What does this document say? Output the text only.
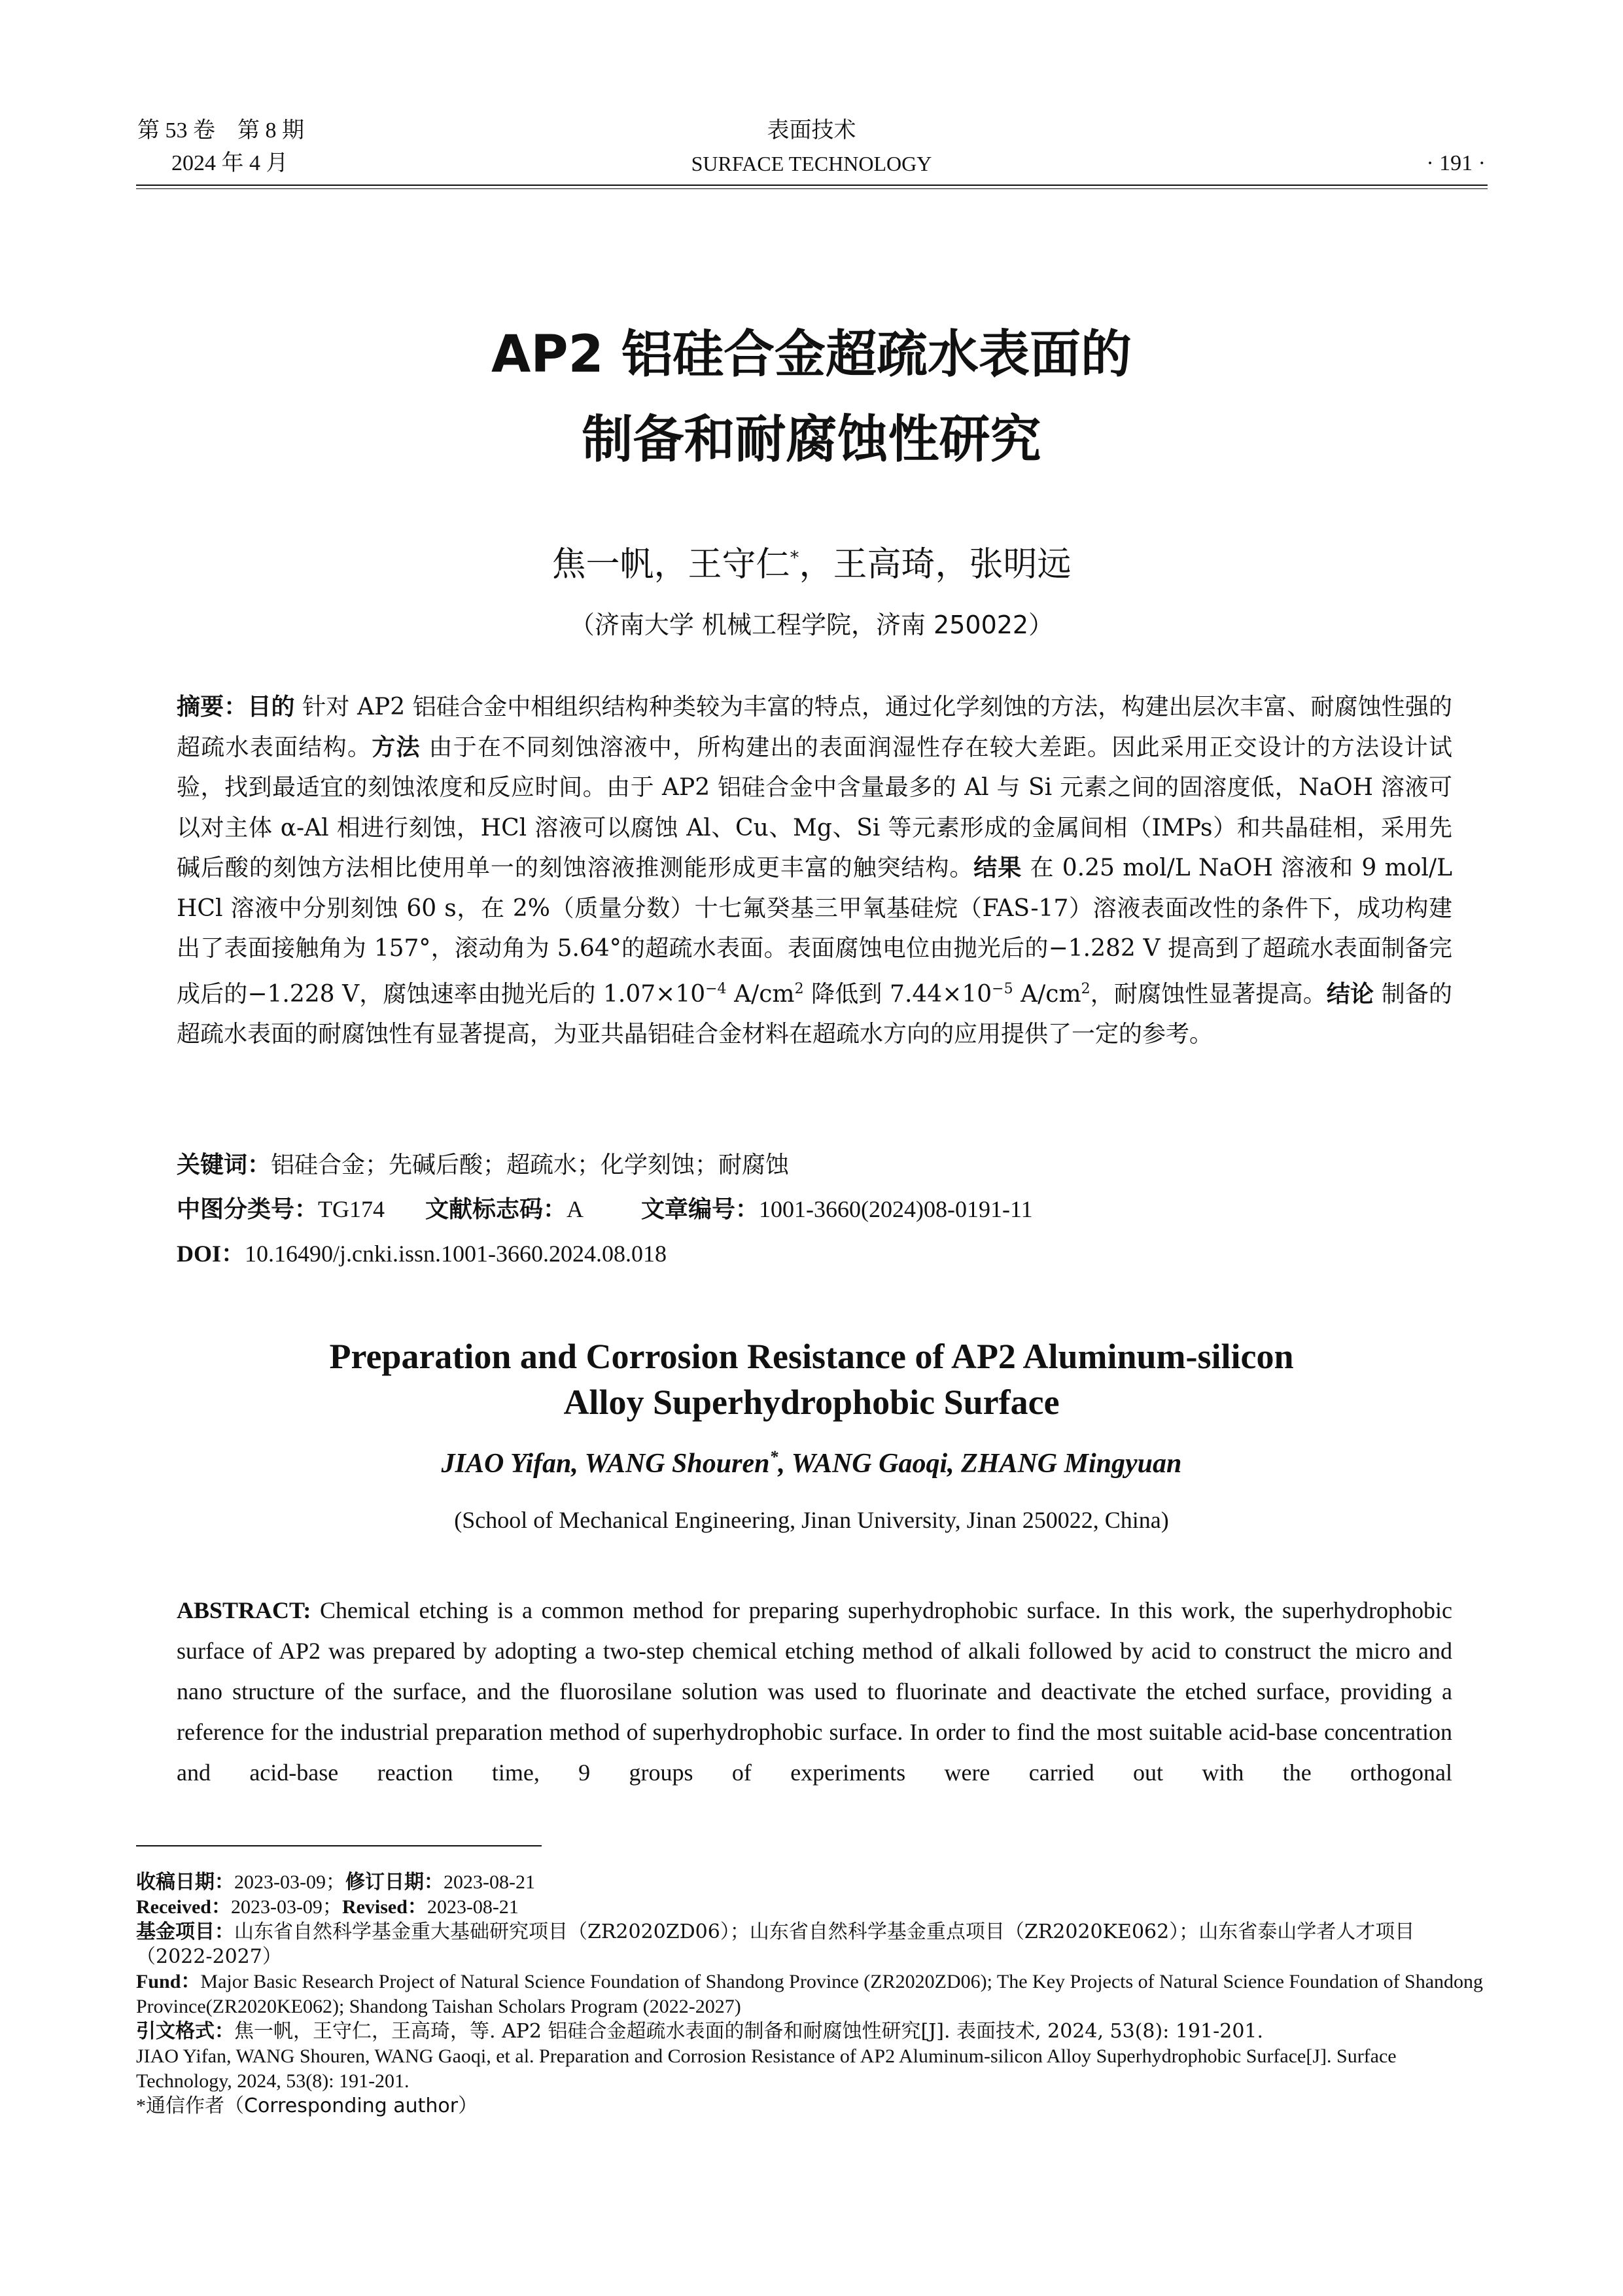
第 53 卷　第 8 期
2024 年 4 月
表面技术
SURFACE TECHNOLOGY	· 191 ·
AP2 铝硅合金超疏水表面的
制备和耐腐蚀性研究
焦一帆，王守仁*，王高琦，张明远
（济南大学 机械工程学院，济南 250022）
摘要：目的 针对 AP2 铝硅合金中相组织结构种类较为丰富的特点，通过化学刻蚀的方法，构建出层次丰富、耐腐蚀性强的超疏水表面结构。方法 由于在不同刻蚀溶液中，所构建出的表面润湿性存在较大差距。因此采用正交设计的方法设计试验，找到最适宜的刻蚀浓度和反应时间。由于 AP2 铝硅合金中含量最多的 Al 与 Si 元素之间的固溶度低，NaOH 溶液可以对主体 α-Al 相进行刻蚀，HCl 溶液可以腐蚀 Al、Cu、Mg、Si 等元素形成的金属间相（IMPs）和共晶硅相，采用先碱后酸的刻蚀方法相比使用单一的刻蚀溶液推测能形成更丰富的触突结构。结果 在 0.25 mol/L NaOH 溶液和 9 mol/L HCl 溶液中分别刻蚀 60 s，在 2%（质量分数）十七氟癸基三甲氧基硅烷（FAS-17）溶液表面改性的条件下，成功构建出了表面接触角为 157°，滚动角为 5.64°的超疏水表面。表面腐蚀电位由抛光后的−1.282 V 提高到了超疏水表面制备完成后的−1.228 V，腐蚀速率由抛光后的 $1.07\times 10^{-4}$ $A/cm^2$ 降低到 $7.44\times 10^{-5}$ $A/cm^2$，耐腐蚀性显著提高。结论 制备的超疏水表面的耐腐蚀性有显著提高，为亚共晶铝硅合金材料在超疏水方向的应用提供了一定的参考。
关键词：铝硅合金；先碱后酸；超疏水；化学刻蚀；耐腐蚀
中图分类号：TG174 文献标志码：A 文章编号：1001-3660(2024)08-0191-11
DOI：10.16490/j.cnki.issn.1001-3660.2024.08.018
Preparation and Corrosion Resistance of AP2 Aluminum-silicon
Alloy Superhydrophobic Surface
JIAO Yifan, WANG Shouren*, WANG Gaoqi, ZHANG Mingyuan
(School of Mechanical Engineering, Jinan University, Jinan 250022, China)
ABSTRACT: Chemical etching is a common method for preparing superhydrophobic surface. In this work, the superhydrophobic surface of AP2 was prepared by adopting a two-step chemical etching method of alkali followed by acid to construct the micro and nano structure of the surface, and the fluorosilane solution was used to fluorinate and deactivate the etched surface, providing a reference for the industrial preparation method of superhydrophobic surface. In order to find the most suitable acid-base concentration and acid-base reaction time, 9 groups of experiments were carried out with the orthogonal

收稿日期：2023-03-09；修订日期：2023-08-21

Received：2023-03-09；Revised：2023-08-21

基金项目：山东省自然科学基金重大基础研究项目（ZR2020ZD06）；山东省自然科学基金重点项目（ZR2020KE062）；山东省泰山学者人才项目（2022-2027）

Fund：Major Basic Research Project of Natural Science Foundation of Shandong Province (ZR2020ZD06); The Key Projects of Natural Science Foundation of Shandong Province(ZR2020KE062); Shandong Taishan Scholars Program (2022-2027)

引文格式：焦一帆，王守仁，王高琦，等. AP2 铝硅合金超疏水表面的制备和耐腐蚀性研究[J]. 表面技术, 2024, 53(8): 191-201.

JIAO Yifan, WANG Shouren, WANG Gaoqi, et al. Preparation and Corrosion Resistance of AP2 Aluminum-silicon Alloy Superhydrophobic Surface[J]. Surface Technology, 2024, 53(8): 191-201.

*通信作者（Corresponding author）
